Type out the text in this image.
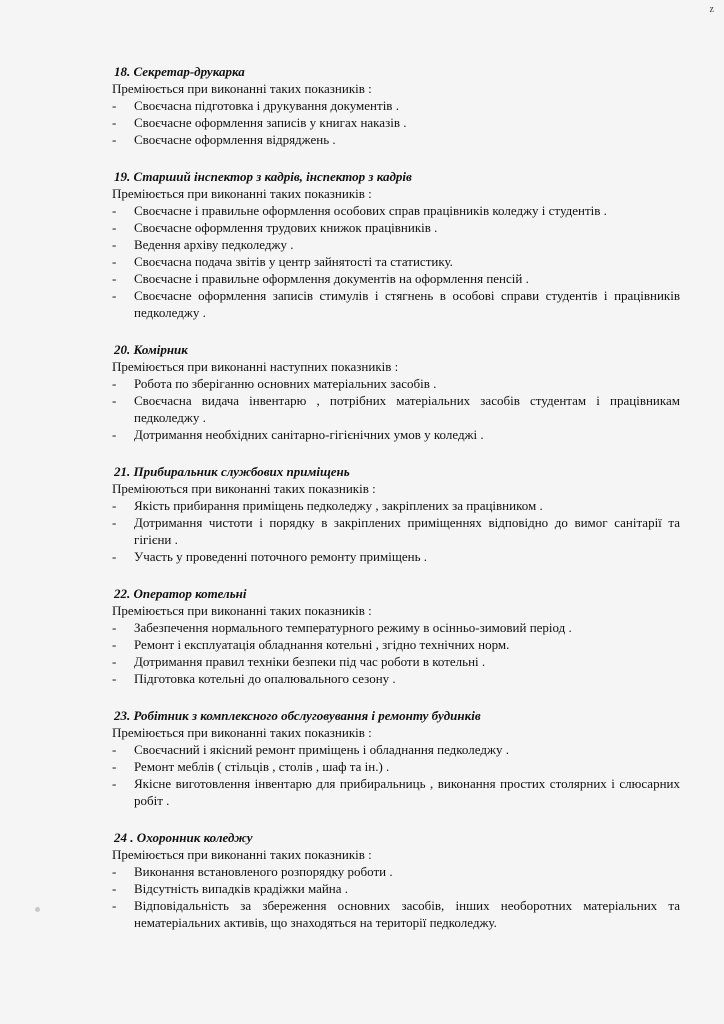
z
18. Секретар-друкарка
Преміюється при виконанні таких показників :
- Своєчасна підготовка і друкування документів .
- Своєчасне оформлення записів у книгах наказів .
- Своєчасне оформлення відряджень .
19. Старший інспектор з кадрів, інспектор з кадрів
Преміюється при виконанні таких показників :
- Своєчасне і правильне оформлення особових справ працівників коледжу і студентів .
- Своєчасне оформлення трудових книжок працівників .
- Ведення архіву педколеджу .
- Своєчасна подача звітів у центр зайнятості та статистику.
- Своєчасне і правильне оформлення документів на оформлення пенсій .
- Своєчасне оформлення записів стимулів і стягнень в особові справи студентів і працівників педколеджу .
20. Комірник
Преміюється при виконанні наступних показників :
- Робота по зберіганню основних матеріальних засобів .
- Своєчасна видача інвентарю , потрібних матеріальних засобів студентам і працівникам педколеджу .
- Дотримання необхідних санітарно-гігієнічних умов у коледжі .
21. Прибиральник службових приміщень
Преміюються при виконанні таких показників :
- Якість прибирання приміщень педколеджу , закріплених за працівником .
- Дотримання чистоти і порядку в закріплених приміщеннях відповідно до вимог санітарії та гігієни .
- Участь у проведенні поточного ремонту приміщень .
22. Оператор котельні
Преміюється при виконанні таких показників :
- Забезпечення нормального температурного режиму в осінньо-зимовий період .
- Ремонт і експлуатація обладнання котельні , згідно технічних норм.
- Дотримання правил техніки безпеки під час роботи в котельні .
- Підготовка котельні до опалювального сезону .
23. Робітник з комплексного обслуговування і ремонту будинків
Преміюється при виконанні таких показників :
- Своєчасний і якісний ремонт приміщень і обладнання педколеджу .
- Ремонт меблів ( стільців , столів , шаф та ін.) .
- Якісне виготовлення інвентарю для прибиральниць , виконання простих столярних і слюсарних робіт .
24 . Охоронник коледжу
Преміюється при виконанні таких показників :
- Виконання встановленого розпорядку роботи .
- Відсутність випадків крадіжки майна .
- Відповідальність за збереження основних засобів, інших необоротних матеріальних та нематеріальних активів, що знаходяться на території педколеджу.
